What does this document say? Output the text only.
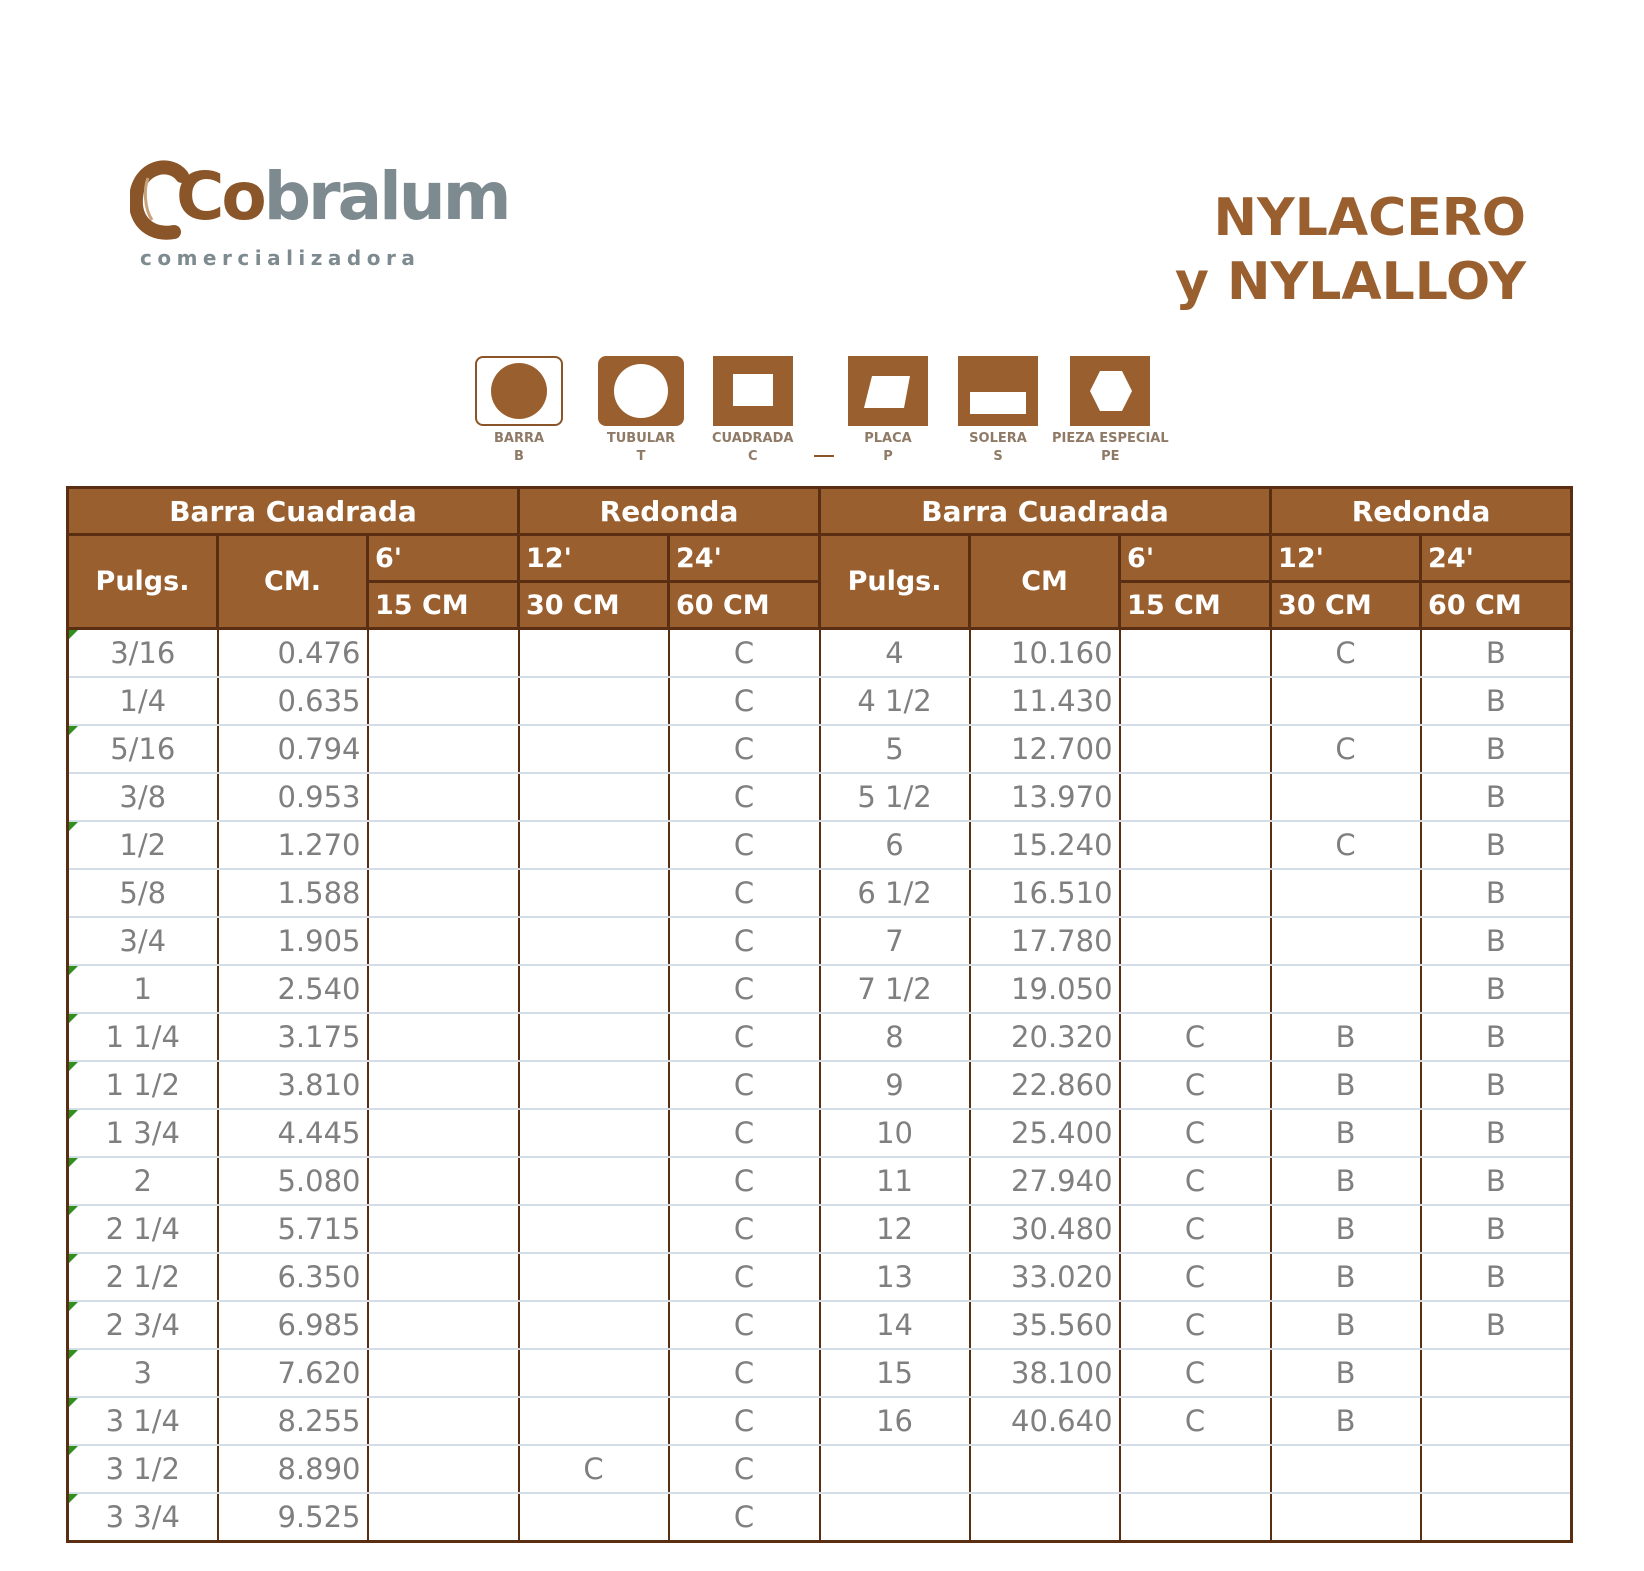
Cobralum
comercializadora
NYLACERO
y NYLALLOY
BARRA
B
TUBULAR
T
CUADRADA
C
PLACA
P
SOLERA
S
PIEZA ESPECIAL
PE
Barra Cuadrada			Redonda		Barra Cuadrada			Redonda	
Pulgs.	CM.	6'	12'	24'	Pulgs.	CM	6'	12'	24'
		15 CM	30 CM	60 CM			15 CM	30 CM	60 CM
3/16	0.476			C	4	10.160		C	B
1/4	0.635			C	4 1/2	11.430			B
5/16	0.794			C	5	12.700		C	B
3/8	0.953			C	5 1/2	13.970			B
1/2	1.270			C	6	15.240		C	B
5/8	1.588			C	6 1/2	16.510			B
3/4	1.905			C	7	17.780			B
1	2.540			C	7 1/2	19.050			B
1 1/4	3.175			C	8	20.320	C	B	B
1 1/2	3.810			C	9	22.860	C	B	B
1 3/4	4.445			C	10	25.400	C	B	B
2	5.080			C	11	27.940	C	B	B
2 1/4	5.715			C	12	30.480	C	B	B
2 1/2	6.350			C	13	33.020	C	B	B
2 3/4	6.985			C	14	35.560	C	B	B
3	7.620			C	15	38.100	C	B	
3 1/4	8.255			C	16	40.640	C	B	
3 1/2	8.890		C	C					
3 3/4	9.525			C					
